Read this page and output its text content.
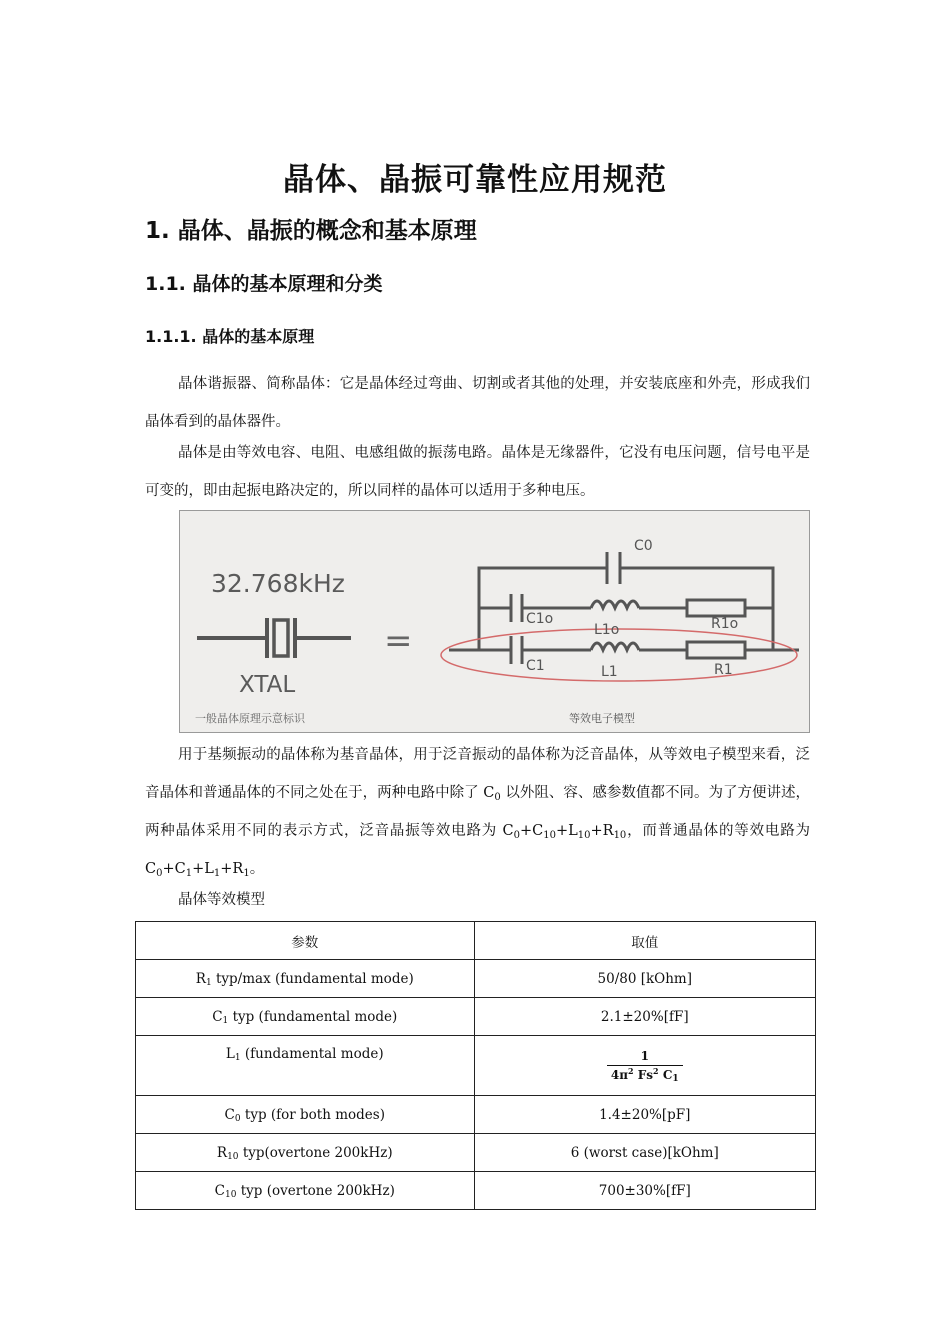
晶体、晶振可靠性应用规范
1. 晶体、晶振的概念和基本原理
1.1. 晶体的基本原理和分类
1.1.1. 晶体的基本原理
晶体谐振器、简称晶体：它是晶体经过弯曲、切割或者其他的处理，并安装底座和外壳，形成我们晶体看到的晶体器件。
晶体是由等效电容、电阻、电感组做的振荡电路。晶体是无缘器件，它没有电压问题，信号电平是可变的，即由起振电路决定的，所以同样的晶体可以适用于多种电压。
32.768kHz
XTAL
=
C0
C1o
L1o	R1o
C1	L1	R1
一般晶体原理示意标识	等效电子模型
用于基频振动的晶体称为基音晶体，用于泛音振动的晶体称为泛音晶体，从等效电子模型来看，泛音晶体和普通晶体的不同之处在于，两种电路中除了 $C_0$ 以外阻、容、感参数值都不同。为了方便讲述，两种晶体采用不同的表示方式，泛音晶振等效电路为 $C_0+C_{10}+L_{10}+R_{10}$，而普通晶体的等效电路为 $C_0+C_1+L_1+R_1$。
晶体等效模型
参数	取值
$R_1$ typ/max (fundamental mode)	50/80 [kOhm]
$C_1$ typ (fundamental mode)	2.1±20%[fF]
$L_1$ (fundamental mode)	$\frac{1}{4\pi^2 Fs^2 C_1}$

$C_0$ typ (for both modes)	1.4±20%[pF]
$R_{10}$ typ(overtone 200kHz)	6 (worst case)[kOhm]
$C_{10}$ typ (overtone 200kHz)	700±30%[fF]
